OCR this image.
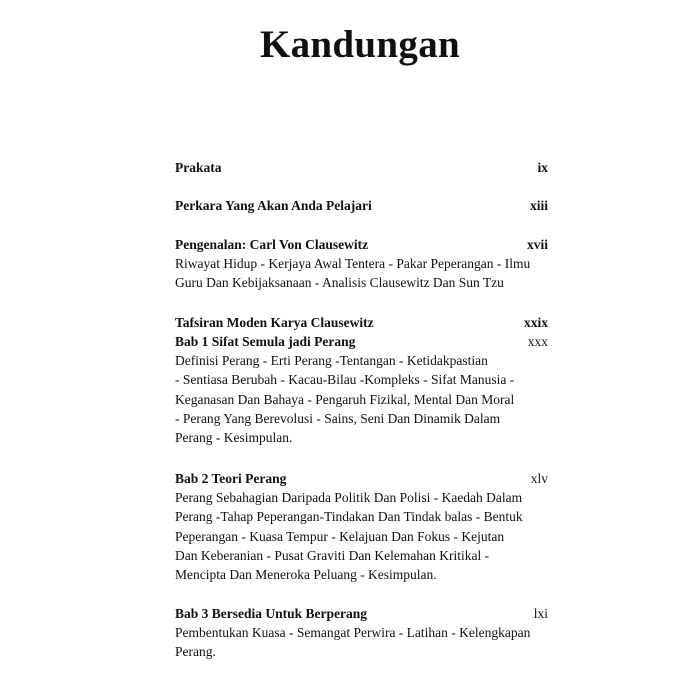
Kandungan
Prakata	ix
Perkara Yang Akan Anda Pelajari	xiii
Pengenalan: Carl Von Clausewitz	xvii
Riwayat Hidup - Kerjaya Awal Tentera - Pakar Peperangan - Ilmu
Guru Dan Kebijaksanaan - Analisis Clausewitz Dan Sun Tzu
Tafsiran Moden Karya Clausewitz	xxix
Bab 1 Sifat Semula jadi Perang	xxx
Definisi Perang - Erti Perang -Tentangan - Ketidakpastian
- Sentiasa Berubah - Kacau-Bilau -Kompleks - Sifat Manusia -
Keganasan Dan Bahaya - Pengaruh Fizikal, Mental Dan Moral
- Perang Yang Berevolusi - Sains, Seni Dan Dinamik Dalam
Perang - Kesimpulan.
Bab 2 Teori Perang	xlv
Perang Sebahagian Daripada Politik Dan Polisi - Kaedah Dalam
Perang -Tahap Peperangan-Tindakan Dan Tindak balas - Bentuk
Peperangan - Kuasa Tempur - Kelajuan Dan Fokus - Kejutan
Dan Keberanian - Pusat Graviti Dan Kelemahan Kritikal -
Mencipta Dan Meneroka Peluang - Kesimpulan.
Bab 3 Bersedia Untuk Berperang	lxi
Pembentukan Kuasa - Semangat Perwira - Latihan - Kelengkapan
Perang.
